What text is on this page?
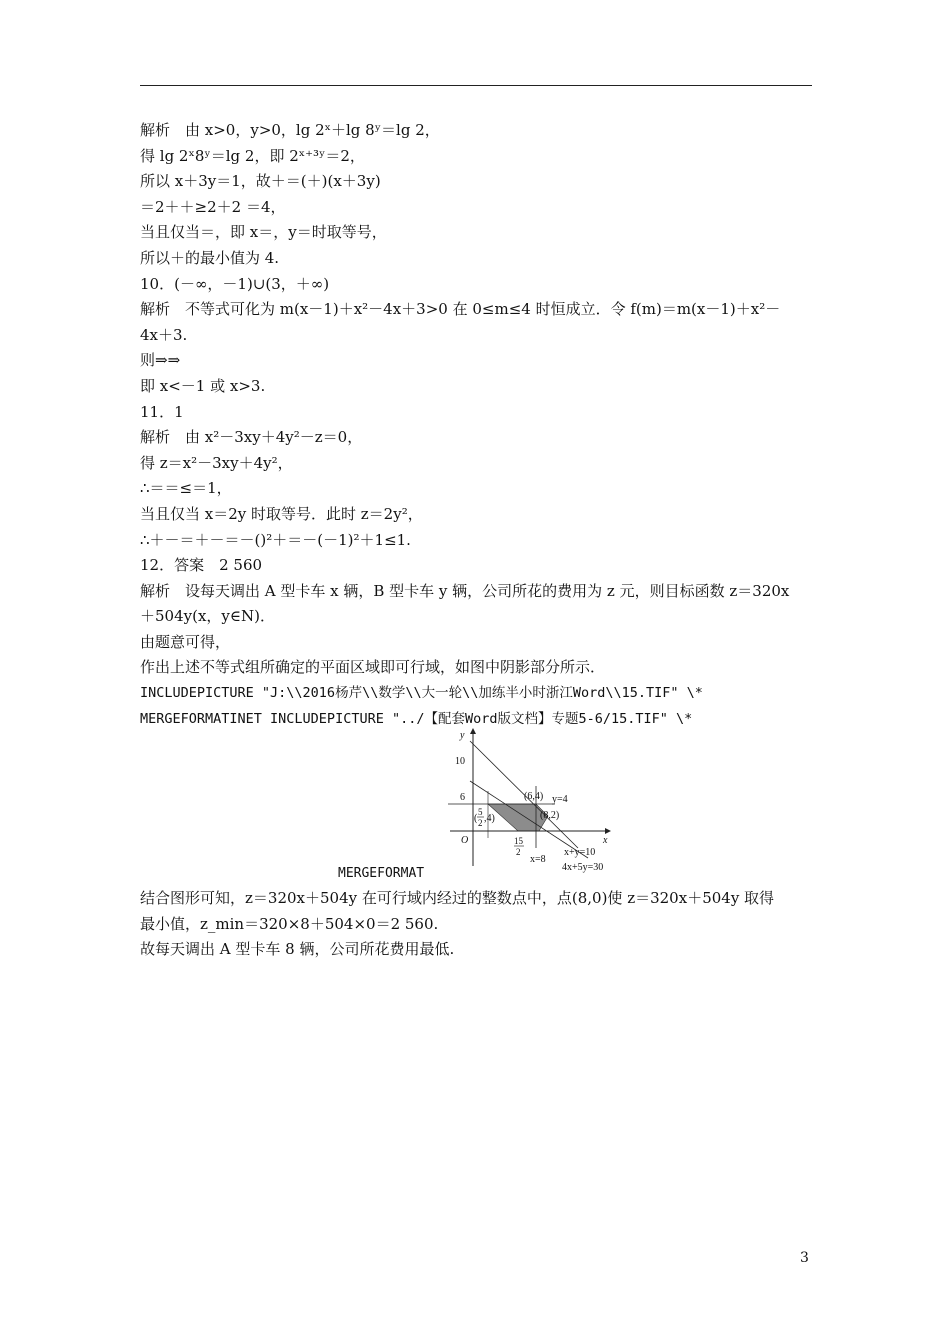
解析　由 x>0，y>0，lg 2ˣ＋lg 8ʸ＝lg 2，
得 lg 2ˣ8ʸ＝lg 2，即 2ˣ⁺³ʸ＝2，
所以 x＋3y＝1，故＋＝(＋)(x＋3y)
＝2＋＋≥2＋2 ＝4，
当且仅当＝，即 x＝，y＝时取等号，
所以＋的最小值为 4.
10．(－∞，－1)∪(3，＋∞)
解析　不等式可化为 m(x－1)＋x²－4x＋3>0 在 0≤m≤4 时恒成立．令 f(m)＝m(x－1)＋x²－
4x＋3.
则⇒⇒
即 x<－1 或 x>3.
11．1
解析　由 x²－3xy＋4y²－z＝0，
得 z＝x²－3xy＋4y²，
∴＝＝≤＝1，
当且仅当 x＝2y 时取等号．此时 z＝2y²，
∴＋－＝＋－＝－()²＋＝－(－1)²＋1≤1.
12．答案　2 560
解析　设每天调出 A 型卡车 x 辆，B 型卡车 y 辆，公司所花的费用为 z 元，则目标函数 z＝320x
＋504y(x，y∈N)．
由题意可得，
作出上述不等式组所确定的平面区域即可行域，如图中阴影部分所示．
INCLUDEPICTURE "J:\\2016杨芹\\数学\\大一轮\\加练半小时浙江Word\\15.TIF" \*
MERGEFORMATINET INCLUDEPICTURE "../【配套Word版文档】专题5-6/15.TIF" \*
y
x
O
10
6
15
2
(
5
2 ,4)
(6,4)
(8,2)
y=4
x=8
x+y=10
4x+5y=30
MERGEFORMAT
结合图形可知，z＝320x＋504y 在可行域内经过的整数点中，点(8,0)使 z＝320x＋504y 取得
最小值，z_min＝320×8＋504×0＝2 560.
故每天调出 A 型卡车 8 辆，公司所花费用最低.
3
